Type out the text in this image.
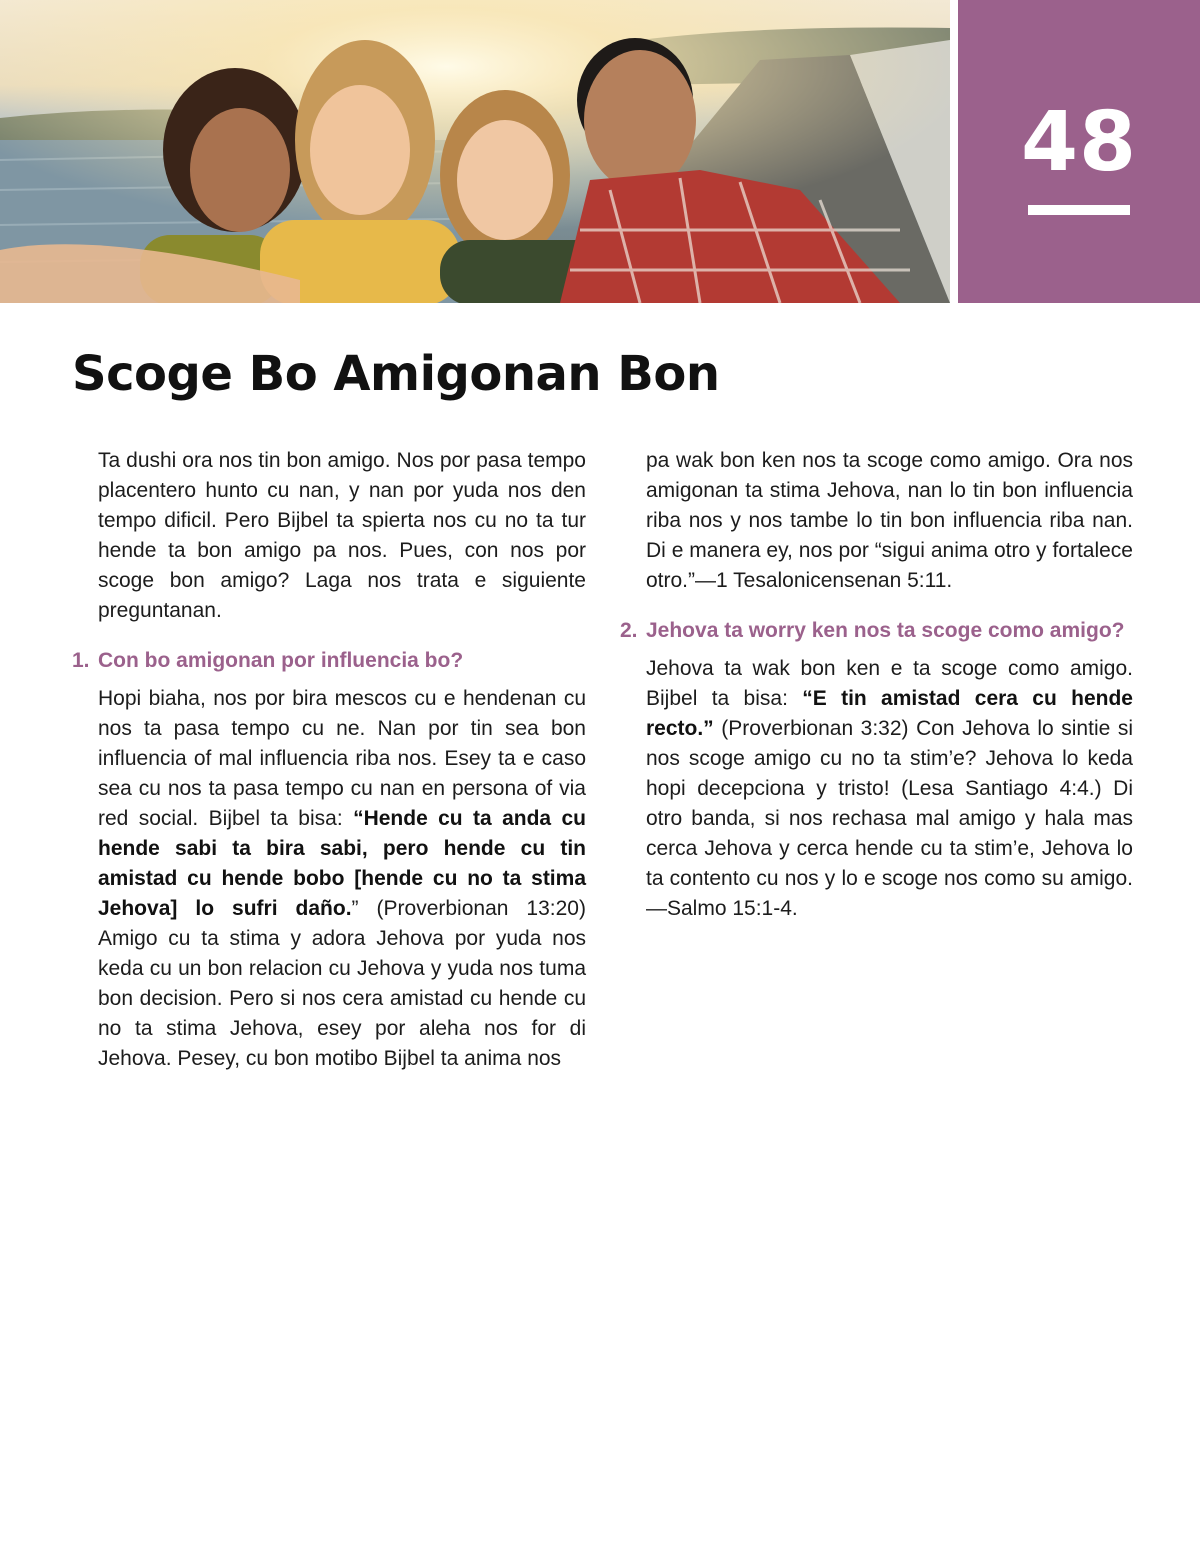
48
Scoge Bo Amigonan Bon

Ta dushi ora nos tin bon amigo. Nos por pasa tempo placentero hunto cu nan, y nan por yuda nos den tempo dificil. Pero Bijbel ta spierta nos cu no ta tur hende ta bon amigo pa nos. Pues, con nos por scoge bon amigo? Laga nos trata e siguiente preguntanan.

1. Con bo amigonan por influencia bo?

Hopi biaha, nos por bira mescos cu e hendenan cu nos ta pasa tempo cu ne. Nan por tin sea bon influencia of mal influencia riba nos. Esey ta e caso sea cu nos ta pasa tempo cu nan en persona of via red social. Bijbel ta bisa: “Hende cu ta anda cu hende sabi ta bira sabi, pero hende cu tin amistad cu hende bobo [hende cu no ta stima Jehova] lo sufri daño.” (Proverbionan 13:20) Amigo cu ta stima y adora Jehova por yuda nos keda cu un bon relacion cu Jehova y yuda nos tuma bon decision. Pero si nos cera amistad cu hende cu no ta stima Jehova, esey por aleha nos for di Jehova. Pesey, cu bon motibo Bijbel ta anima nos

pa wak bon ken nos ta scoge como amigo. Ora nos amigonan ta stima Jehova, nan lo tin bon influencia riba nos y nos tambe lo tin bon influencia riba nan. Di e manera ey, nos por “sigui anima otro y fortalece otro.”—1 Tesalonicensenan 5:11.

2. Jehova ta worry ken nos ta scoge como amigo?

Jehova ta wak bon ken e ta scoge como amigo. Bijbel ta bisa: “E tin amistad cera cu hende recto.” (Proverbionan 3:32) Con Jehova lo sintie si nos scoge amigo cu no ta stim’e? Jehova lo keda hopi decepciona y tristo! (Lesa Santiago 4:4.) Di otro banda, si nos rechasa mal amigo y hala mas cerca Jehova y cerca hende cu ta stim’e, Jehova lo ta contento cu nos y lo e scoge nos como su amigo.—Salmo 15:1-4.
